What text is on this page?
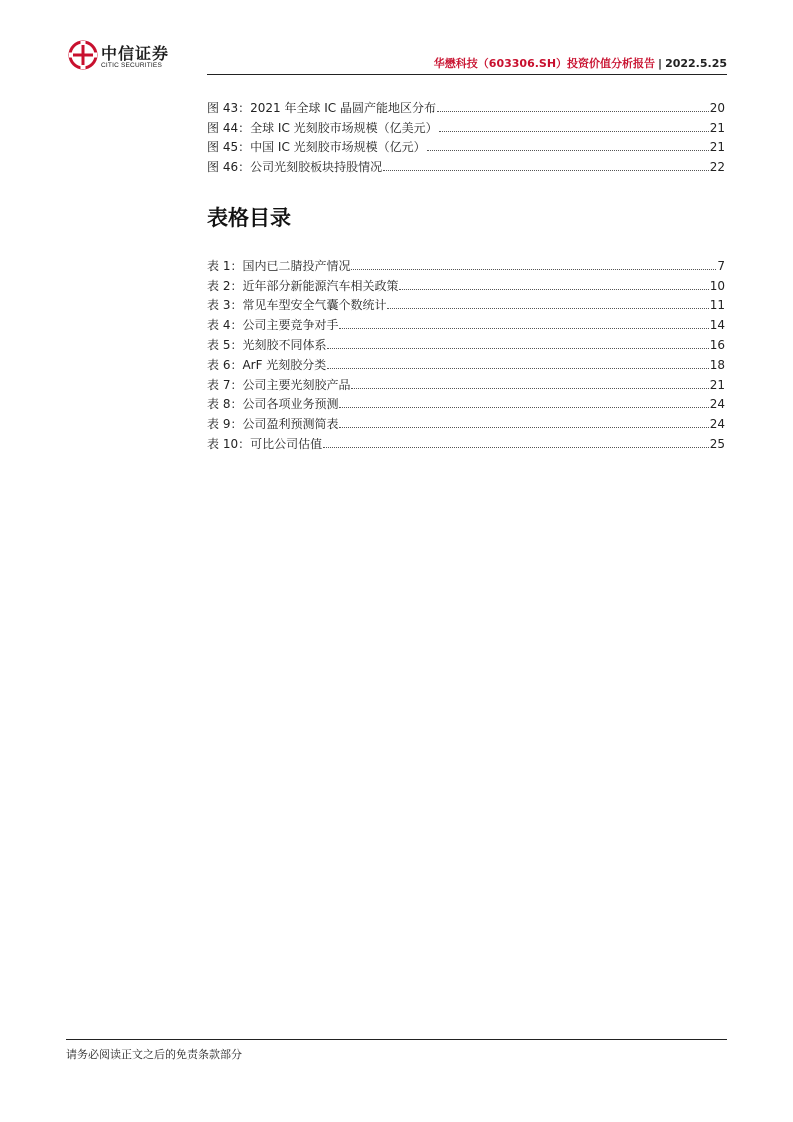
中信证券
CITIC SECURITIES	华懋科技（603306.SH）投资价值分析报告 | 2022.5.25
图 43：2021 年全球 IC 晶圆产能地区分布	20
图 44：全球 IC 光刻胶市场规模（亿美元）	21
图 45：中国 IC 光刻胶市场规模（亿元）	21
图 46：公司光刻胶板块持股情况	22
表格目录
表 1：国内已二腈投产情况	7
表 2：近年部分新能源汽车相关政策	10
表 3：常见车型安全气囊个数统计	11
表 4：公司主要竞争对手	14
表 5：光刻胶不同体系	16
表 6：ArF 光刻胶分类	18
表 7：公司主要光刻胶产品	21
表 8：公司各项业务预测	24
表 9：公司盈利预测简表	24
表 10：可比公司估值	25
请务必阅读正文之后的免责条款部分
